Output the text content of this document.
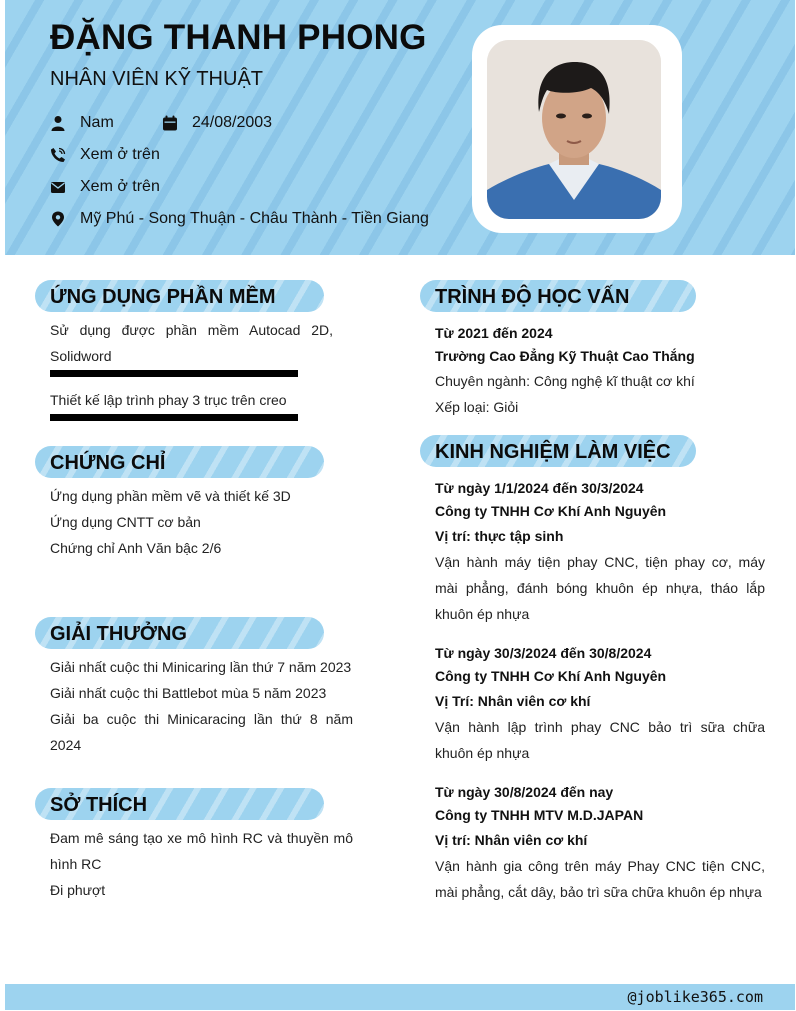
ĐẶNG THANH PHONG
NHÂN VIÊN KỸ THUẬT
Nam	24/08/2003
Xem ở trên
Xem ở trên
Mỹ Phú - Song Thuận - Châu Thành - Tiền Giang
ỨNG DỤNG PHẦN MỀM
Sử dụng được phần mềm Autocad 2D, Solidword
Thiết kế lập trình phay 3 trục trên creo
CHỨNG CHỈ
Ứng dụng phần mềm vẽ và thiết kế 3D
Ứng dụng CNTT cơ bản
Chứng chỉ Anh Văn bậc 2/6
GIẢI THƯỞNG
Giải nhất cuộc thi Minicaring lần thứ 7 năm 2023
Giải nhất cuộc thi Battlebot mùa 5 năm 2023
Giải ba cuộc thi Minicaracing lần thứ 8 năm 2024
SỞ THÍCH
Đam mê sáng tạo xe mô hình RC và thuyền mô hình RC
Đi phượt
TRÌNH ĐỘ HỌC VẤN
Từ 2021 đến 2024
Trường Cao Đẳng Kỹ Thuật Cao Thắng
Chuyên ngành: Công nghệ kĩ thuật cơ khí
Xếp loại: Giỏi
KINH NGHIỆM LÀM VIỆC
Từ ngày 1/1/2024 đến 30/3/2024
Công ty TNHH Cơ Khí Anh Nguyên
Vị trí: thực tập sinh
Vận hành máy tiện phay CNC, tiện phay cơ, máy mài phẳng, đánh bóng khuôn ép nhựa, tháo lắp khuôn ép nhựa
Từ ngày 30/3/2024 đến 30/8/2024
Công ty TNHH Cơ Khí Anh Nguyên
Vị Trí: Nhân viên cơ khí
Vận hành lập trình phay CNC bảo trì sữa chữa khuôn ép nhựa
Từ ngày 30/8/2024 đến nay
Công ty TNHH MTV M.D.JAPAN
Vị trí: Nhân viên cơ khí
Vận hành gia công trên máy Phay CNC tiện CNC, mài phẳng, cắt dây, bảo trì sữa chữa khuôn ép nhựa
@joblike365.com
